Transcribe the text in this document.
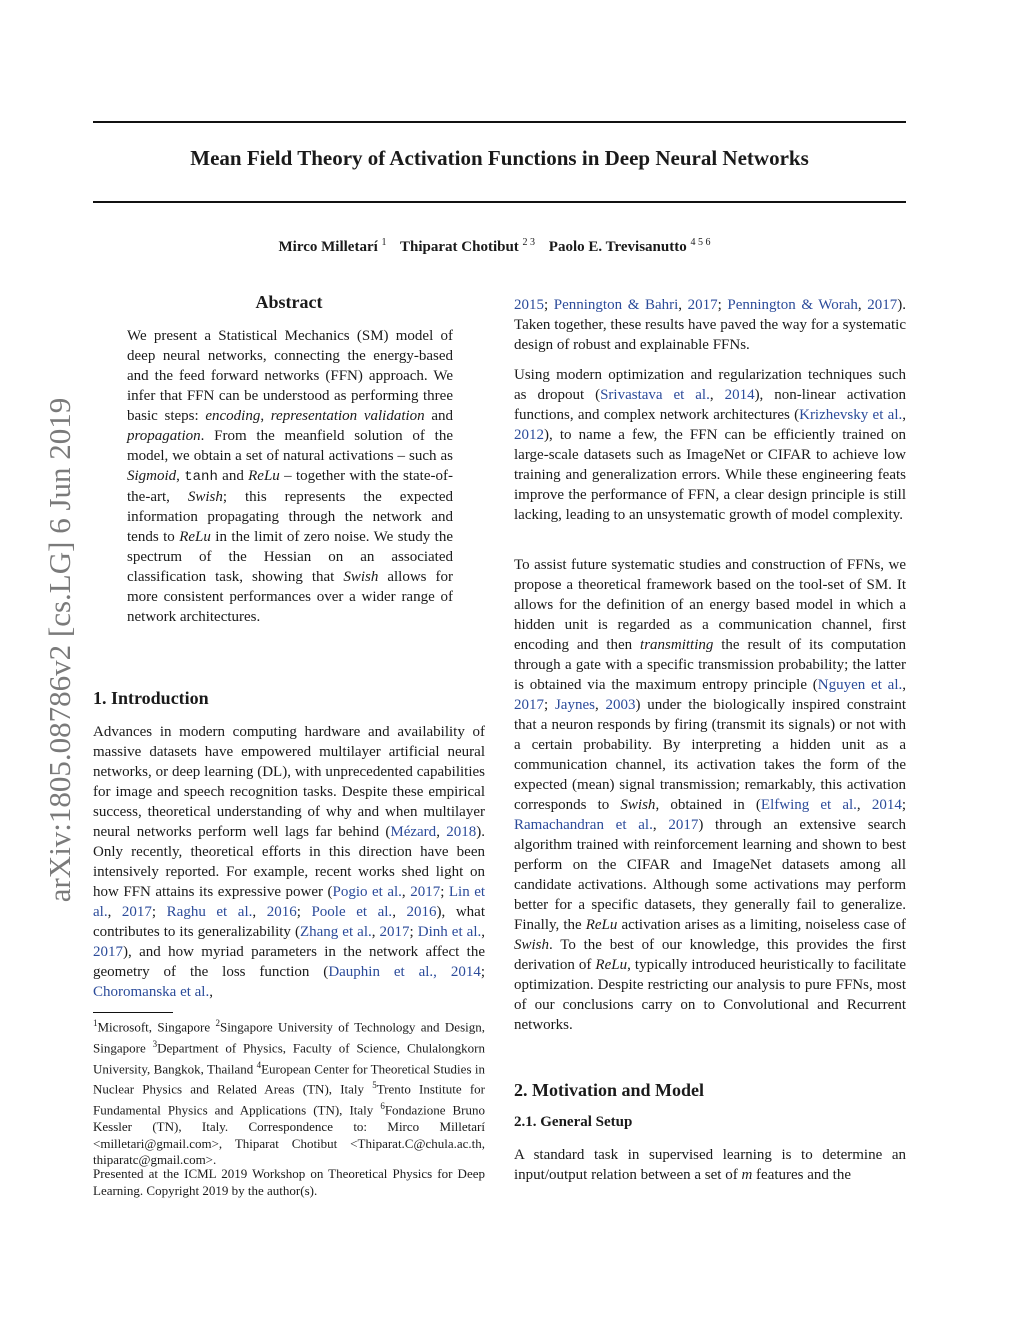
Mean Field Theory of Activation Functions in Deep Neural Networks
Mirco Milletarí $^1$ Thiparat Chotibut $^{2 3}$ Paolo E. Trevisanutto $^{4 5 6}$
arXiv:1805.08786v2 [cs.LG] 6 Jun 2019
Abstract

We present a Statistical Mechanics (SM) model of deep neural networks, connecting the energy-based and the feed forward networks (FFN) approach. We infer that FFN can be understood as performing three basic steps: encoding, representation validation and propagation. From the meanfield solution of the model, we obtain a set of natural activations – such as Sigmoid, tanh and ReLu – together with the state-of-the-art, Swish; this represents the expected information propagating through the network and tends to ReLu in the limit of zero noise. We study the spectrum of the Hessian on an associated classification task, showing that Swish allows for more consistent performances over a wider range of network architectures.

1. Introduction

Advances in modern computing hardware and availability of massive datasets have empowered multilayer artificial neural networks, or deep learning (DL), with unprecedented capabilities for image and speech recognition tasks. Despite these empirical success, theoretical understanding of why and when multilayer neural networks perform well lags far behind (Mézard, 2018). Only recently, theoretical efforts in this direction have been intensively reported. For example, recent works shed light on how FFN attains its expressive power (Pogio et al., 2017; Lin et al., 2017; Raghu et al., 2016; Poole et al., 2016), what contributes to its generalizability (Zhang et al., 2017; Dinh et al., 2017), and how myriad parameters in the network affect the geometry of the loss function (Dauphin et al., 2014; Choromanska et al.,

$^1$Microsoft, Singapore $^2$Singapore University of Technology and Design, Singapore $^3$Department of Physics, Faculty of Science, Chulalongkorn University, Bangkok, Thailand $^4$European Center for Theoretical Studies in Nuclear Physics and Related Areas (TN), Italy $^5$Trento Institute for Fundamental Physics and Applications (TN), Italy $^6$Fondazione Bruno Kessler (TN), Italy. Correspondence to: Mirco Milletarí <milletari@gmail.com>, Thiparat Chotibut <Thiparat.C@chula.ac.th, thiparatc@gmail.com>.

Presented at the ICML 2019 Workshop on Theoretical Physics for Deep Learning. Copyright 2019 by the author(s).

2015; Pennington & Bahri, 2017; Pennington & Worah, 2017). Taken together, these results have paved the way for a systematic design of robust and explainable FFNs.

Using modern optimization and regularization techniques such as dropout (Srivastava et al., 2014), non-linear activation functions, and complex network architectures (Krizhevsky et al., 2012), to name a few, the FFN can be efficiently trained on large-scale datasets such as ImageNet or CIFAR to achieve low training and generalization errors. While these engineering feats improve the performance of FFN, a clear design principle is still lacking, leading to an unsystematic growth of model complexity.

To assist future systematic studies and construction of FFNs, we propose a theoretical framework based on the tool-set of SM. It allows for the definition of an energy based model in which a hidden unit is regarded as a communication channel, first encoding and then transmitting the result of its computation through a gate with a specific transmission probability; the latter is obtained via the maximum entropy principle (Nguyen et al., 2017; Jaynes, 2003) under the biologically inspired constraint that a neuron responds by firing (transmit its signals) or not with a certain probability. By interpreting a hidden unit as a communication channel, its activation takes the form of the expected (mean) signal transmission; remarkably, this activation corresponds to Swish, obtained in (Elfwing et al., 2014; Ramachandran et al., 2017) through an extensive search algorithm trained with reinforcement learning and shown to best perform on the CIFAR and ImageNet datasets among all candidate activations. Although some activations may perform better for a specific datasets, they generally fail to generalize. Finally, the ReLu activation arises as a limiting, noiseless case of Swish. To the best of our knowledge, this provides the first derivation of ReLu, typically introduced heuristically to facilitate optimization. Despite restricting our analysis to pure FFNs, most of our conclusions carry on to Convolutional and Recurrent networks.

2. Motivation and Model
2.1. General Setup

A standard task in supervised learning is to determine an input/output relation between a set of m features and the
